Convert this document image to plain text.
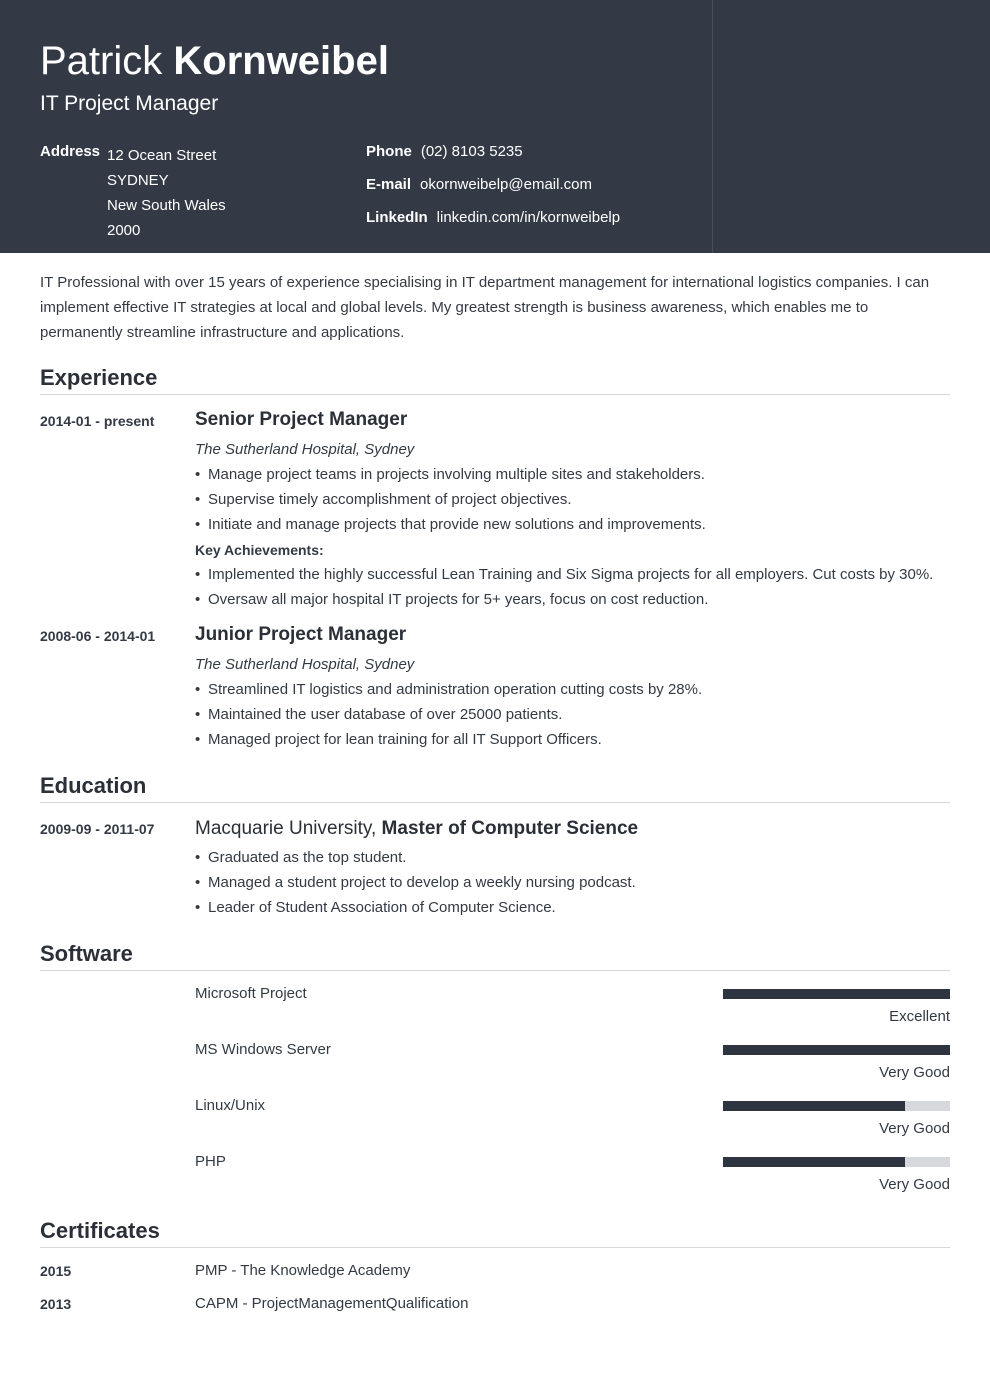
Patrick Kornweibel
IT Project Manager
Address 12 Ocean Street
SYDNEY
New South Wales
2000
Phone (02) 8103 5235
E-mail okornweibelp@email.com
LinkedIn linkedin.com/in/kornweibelp
IT Professional with over 15 years of experience specialising in IT department management for international logistics companies. I can implement effective IT strategies at local and global levels. My greatest strength is business awareness, which enables me to permanently streamline infrastructure and applications.
Experience
2014-01 - present Senior Project Manager
The Sutherland Hospital, Sydney
• Manage project teams in projects involving multiple sites and stakeholders.
• Supervise timely accomplishment of project objectives.
• Initiate and manage projects that provide new solutions and improvements.
Key Achievements:
• Implemented the highly successful Lean Training and Six Sigma projects for all employers. Cut costs by 30%.
• Oversaw all major hospital IT projects for 5+ years, focus on cost reduction.
2008-06 - 2014-01 Junior Project Manager
The Sutherland Hospital, Sydney
• Streamlined IT logistics and administration operation cutting costs by 28%.
• Maintained the user database of over 25000 patients.
• Managed project for lean training for all IT Support Officers.
Education
2009-09 - 2011-07 Macquarie University, Master of Computer Science
• Graduated as the top student.
• Managed a student project to develop a weekly nursing podcast.
• Leader of Student Association of Computer Science.
Software
Microsoft Project
Excellent
MS Windows Server
Very Good
Linux/Unix
Very Good
PHP
Very Good
Certificates
2015	PMP - The Knowledge Academy
2013	CAPM - ProjectManagementQualification
